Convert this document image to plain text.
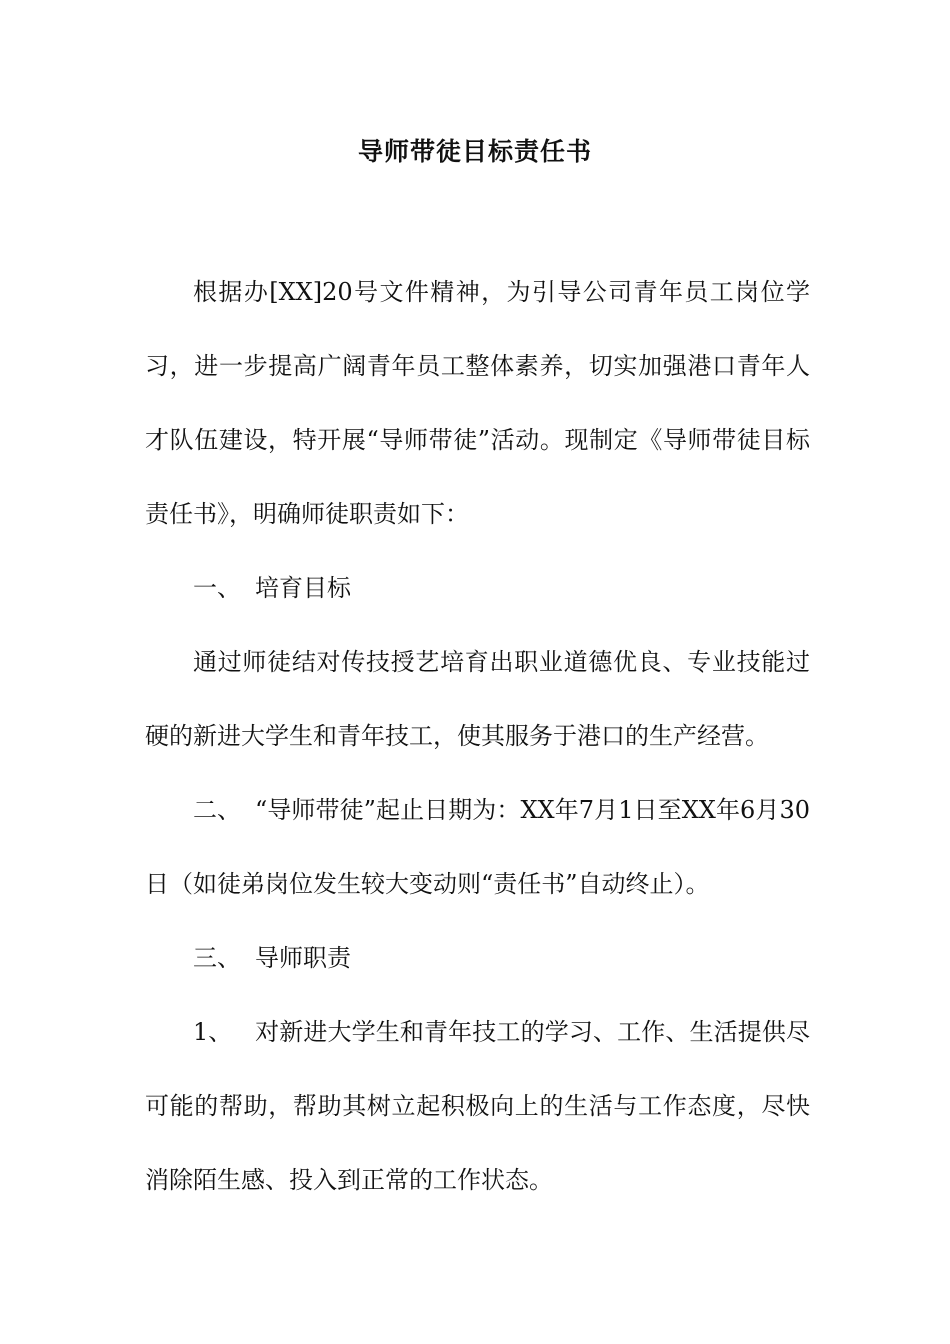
导师带徒目标责任书

根据办[XX]20号文件精神，为引导公司青年员工岗位学习，进一步提高广阔青年员工整体素养，切实加强港口青年人才队伍建设，特开展“导师带徒”活动。现制定《导师带徒目标责任书》，明确师徒职责如下：

一、 培育目标

通过师徒结对传技授艺培育出职业道德优良、专业技能过硬的新进大学生和青年技工，使其服务于港口的生产经营。

二、 “导师带徒”起止日期为：XX年7月1日至XX年6月30日（如徒弟岗位发生较大变动则“责任书”自动终止）。

三、 导师职责

1、 对新进大学生和青年技工的学习、工作、生活提供尽可能的帮助，帮助其树立起积极向上的生活与工作态度，尽快消除陌生感、投入到正常的工作状态。
